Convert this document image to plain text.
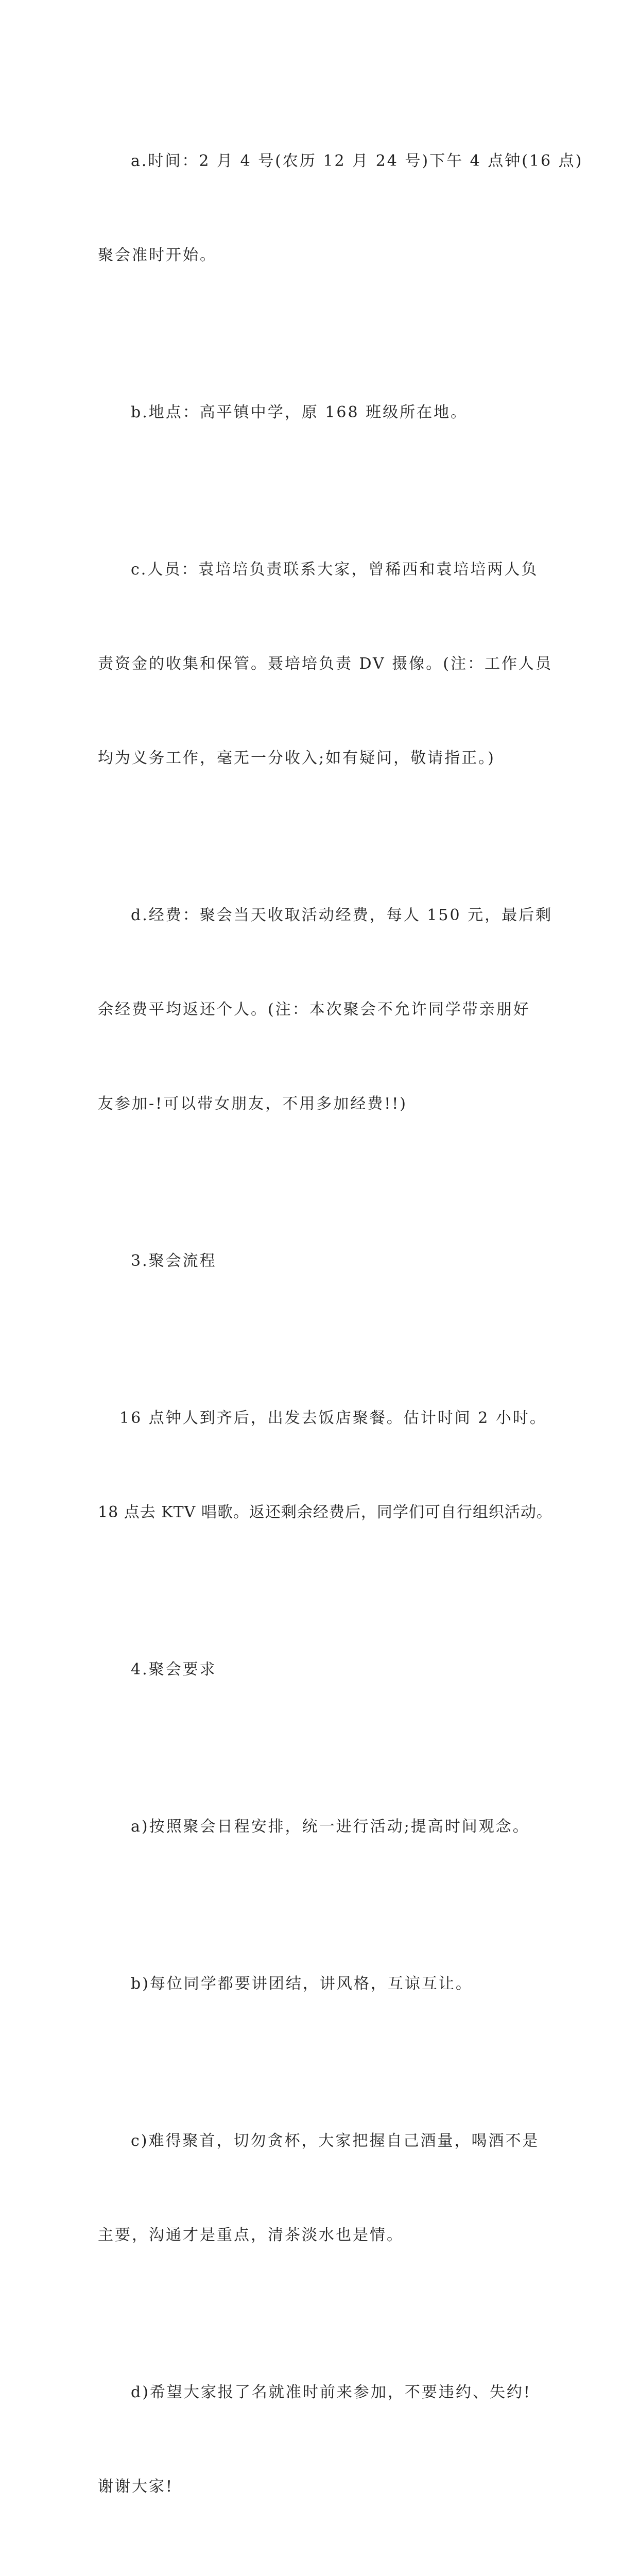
a.时间：2 月 4 号(农历 12 月 24 号)下午 4 点钟(16 点)

聚会准时开始。

b.地点：高平镇中学，原 168 班级所在地。

c.人员：袁培培负责联系大家，曾稀西和袁培培两人负

责资金的收集和保管。聂培培负责 DV 摄像。(注：工作人员

均为义务工作，毫无一分收入;如有疑问，敬请指正。)

d.经费：聚会当天收取活动经费，每人 150 元，最后剩

余经费平均返还个人。(注：本次聚会不允许同学带亲朋好

友参加-!可以带女朋友，不用多加经费!!)

3.聚会流程

16 点钟人到齐后，出发去饭店聚餐。估计时间 2 小时。

18 点去 KTV 唱歌。返还剩余经费后，同学们可自行组织活动。

4.聚会要求

a)按照聚会日程安排，统一进行活动;提高时间观念。

b)每位同学都要讲团结，讲风格，互谅互让。

c)难得聚首，切勿贪杯，大家把握自己酒量，喝酒不是

主要，沟通才是重点，清茶淡水也是情。

d)希望大家报了名就准时前来参加，不要违约、失约!

谢谢大家!
